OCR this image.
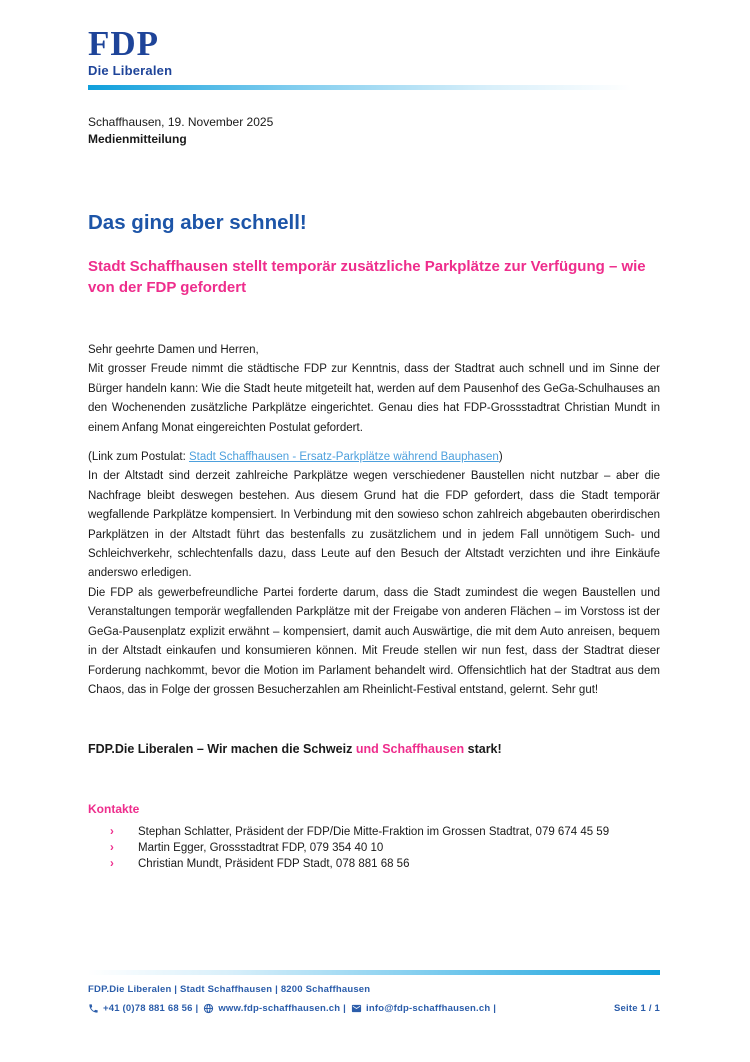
FDP
Die Liberalen
Schaffhausen, 19. November 2025
Medienmitteilung
Das ging aber schnell!
Stadt Schaffhausen stellt temporär zusätzliche Parkplätze zur Verfügung – wie von der FDP gefordert
Sehr geehrte Damen und Herren,

Mit grosser Freude nimmt die städtische FDP zur Kenntnis, dass der Stadtrat auch schnell und im Sinne der Bürger handeln kann: Wie die Stadt heute mitgeteilt hat, werden auf dem Pausenhof des GeGa-Schulhauses an den Wochenenden zusätzliche Parkplätze eingerichtet. Genau dies hat FDP-Grossstadtrat Christian Mundt in einem Anfang Monat eingereichten Postulat gefordert.

(Link zum Postulat: Stadt Schaffhausen - Ersatz-Parkplätze während Bauphasen)

In der Altstadt sind derzeit zahlreiche Parkplätze wegen verschiedener Baustellen nicht nutzbar – aber die Nachfrage bleibt deswegen bestehen. Aus diesem Grund hat die FDP gefordert, dass die Stadt temporär wegfallende Parkplätze kompensiert. In Verbindung mit den sowieso schon zahlreich abgebauten oberirdischen Parkplätzen in der Altstadt führt das bestenfalls zu zusätzlichem und in jedem Fall unnötigem Such- und Schleichverkehr, schlechtenfalls dazu, dass Leute auf den Besuch der Altstadt verzichten und ihre Einkäufe anderswo erledigen.

Die FDP als gewerbefreundliche Partei forderte darum, dass die Stadt zumindest die wegen Baustellen und Veranstaltungen temporär wegfallenden Parkplätze mit der Freigabe von anderen Flächen – im Vorstoss ist der GeGa-Pausenplatz explizit erwähnt – kompensiert, damit auch Auswärtige, die mit dem Auto anreisen, bequem in der Altstadt einkaufen und konsumieren können. Mit Freude stellen wir nun fest, dass der Stadtrat dieser Forderung nachkommt, bevor die Motion im Parlament behandelt wird. Offensichtlich hat der Stadtrat aus dem Chaos, das in Folge der grossen Besucherzahlen am Rheinlicht-Festival entstand, gelernt. Sehr gut!

FDP.Die Liberalen – Wir machen die Schweiz und Schaffhausen stark!
Kontakte
› Stephan Schlatter, Präsident der FDP/Die Mitte-Fraktion im Grossen Stadtrat, 079 674 45 59
› Martin Egger, Grossstadtrat FDP, 079 354 40 10
› Christian Mundt, Präsident FDP Stadt, 078 881 68 56
FDP.Die Liberalen | Stadt Schaffhausen | 8200 Schaffhausen
+41 (0)78 881 68 56 | www.fdp-schaffhausen.ch | info@fdp-schaffhausen.ch |	Seite 1 / 1
